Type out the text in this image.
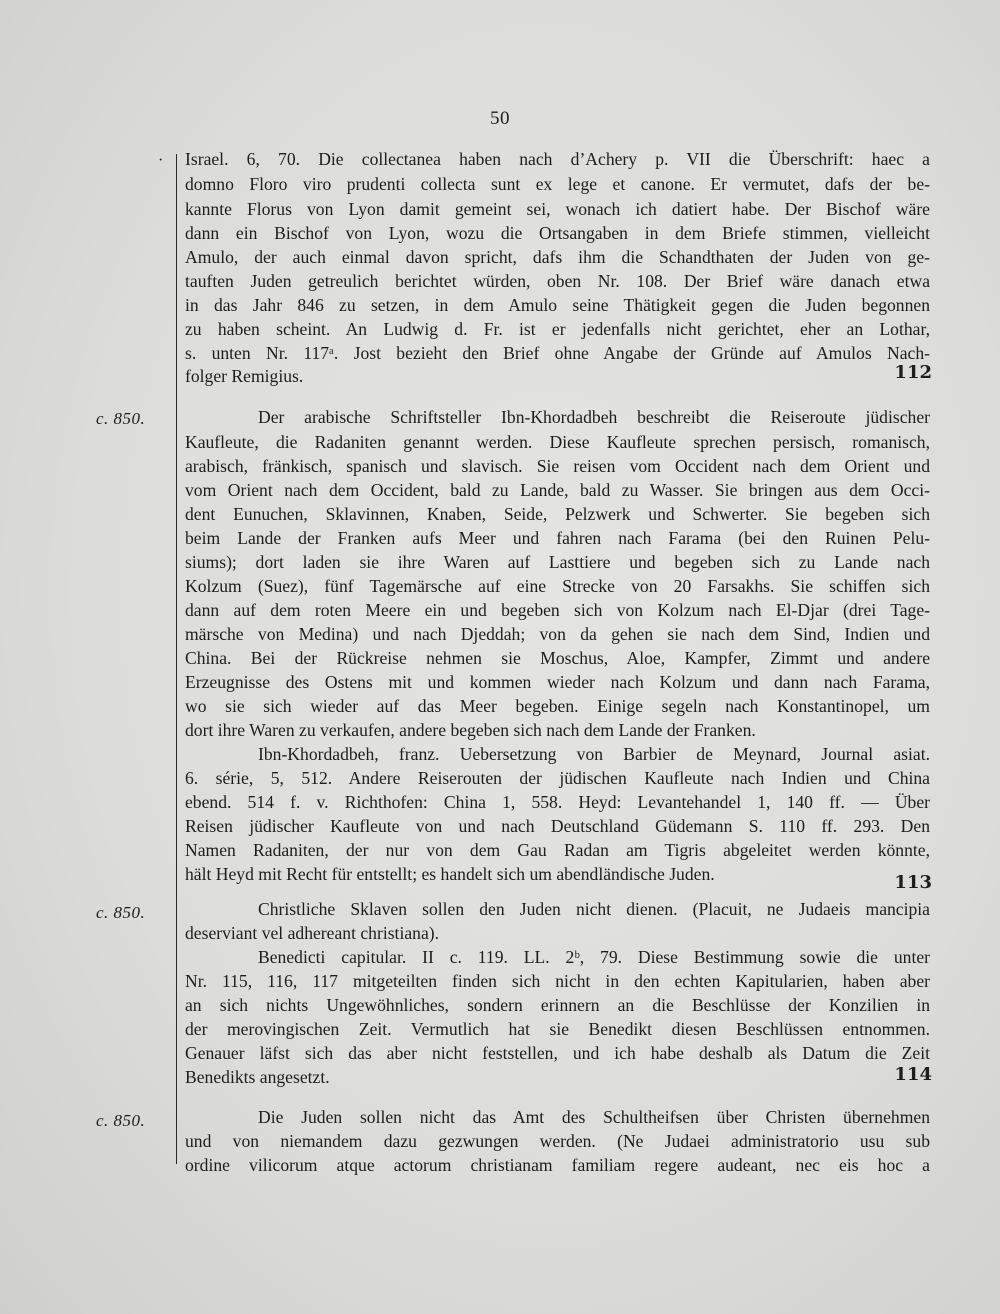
50
· Israel. 6, 70. Die collectanea haben nach d’Achery p. VII die Überschrift: haec a
domno Floro viro prudenti collecta sunt ex lege et canone. Er vermutet, dafs der be-
kannte Florus von Lyon damit gemeint sei, wonach ich datiert habe. Der Bischof wäre
dann ein Bischof von Lyon, wozu die Ortsangaben in dem Briefe stimmen, vielleicht
Amulo, der auch einmal davon spricht, dafs ihm die Schandthaten der Juden von ge-
tauften Juden getreulich berichtet würden, oben Nr. 108. Der Brief wäre danach etwa
in das Jahr 846 zu setzen, in dem Amulo seine Thätigkeit gegen die Juden begonnen
zu haben scheint. An Ludwig d. Fr. ist er jedenfalls nicht gerichtet, eher an Lothar,
s. unten Nr. 117ᵃ. Jost bezieht den Brief ohne Angabe der Gründe auf Amulos Nach-
folger Remigius.	112
c. 850.	Der arabische Schriftsteller Ibn-Khordadbeh beschreibt die Reiseroute jüdischer
Kaufleute, die Radaniten genannt werden. Diese Kaufleute sprechen persisch, romanisch,
arabisch, fränkisch, spanisch und slavisch. Sie reisen vom Occident nach dem Orient und
vom Orient nach dem Occident, bald zu Lande, bald zu Wasser. Sie bringen aus dem Occi-
dent Eunuchen, Sklavinnen, Knaben, Seide, Pelzwerk und Schwerter. Sie begeben sich
beim Lande der Franken aufs Meer und fahren nach Farama (bei den Ruinen Pelu-
siums); dort laden sie ihre Waren auf Lasttiere und begeben sich zu Lande nach
Kolzum (Suez), fünf Tagemärsche auf eine Strecke von 20 Farsakhs. Sie schiffen sich
dann auf dem roten Meere ein und begeben sich von Kolzum nach El-Djar (drei Tage-
märsche von Medina) und nach Djeddah; von da gehen sie nach dem Sind, Indien und
China. Bei der Rückreise nehmen sie Moschus, Aloe, Kampfer, Zimmt und andere
Erzeugnisse des Ostens mit und kommen wieder nach Kolzum und dann nach Farama,
wo sie sich wieder auf das Meer begeben. Einige segeln nach Konstantinopel, um
dort ihre Waren zu verkaufen, andere begeben sich nach dem Lande der Franken.
Ibn-Khordadbeh, franz. Uebersetzung von Barbier de Meynard, Journal asiat.
6. série, 5, 512. Andere Reiserouten der jüdischen Kaufleute nach Indien und China
ebend. 514 f. v. Richthofen: China 1, 558. Heyd: Levantehandel 1, 140 ff. — Über
Reisen jüdischer Kaufleute von und nach Deutschland Güdemann S. 110 ff. 293. Den
Namen Radaniten, der nur von dem Gau Radan am Tigris abgeleitet werden könnte,
hält Heyd mit Recht für entstellt; es handelt sich um abendländische Juden.	113
c. 850.	Christliche Sklaven sollen den Juden nicht dienen. (Placuit, ne Judaeis mancipia
deserviant vel adhereant christiana).
Benedicti capitular. II c. 119. LL. 2ᵇ, 79. Diese Bestimmung sowie die unter
Nr. 115, 116, 117 mitgeteilten finden sich nicht in den echten Kapitularien, haben aber
an sich nichts Ungewöhnliches, sondern erinnern an die Beschlüsse der Konzilien in
der merovingischen Zeit. Vermutlich hat sie Benedikt diesen Beschlüssen entnommen.
Genauer läfst sich das aber nicht feststellen, und ich habe deshalb als Datum die Zeit
Benedikts angesetzt.	114
c. 850.	Die Juden sollen nicht das Amt des Schultheifsen über Christen übernehmen
und von niemandem dazu gezwungen werden. (Ne Judaei administratorio usu sub
ordine vilicorum atque actorum christianam familiam regere audeant, nec eis hoc a
